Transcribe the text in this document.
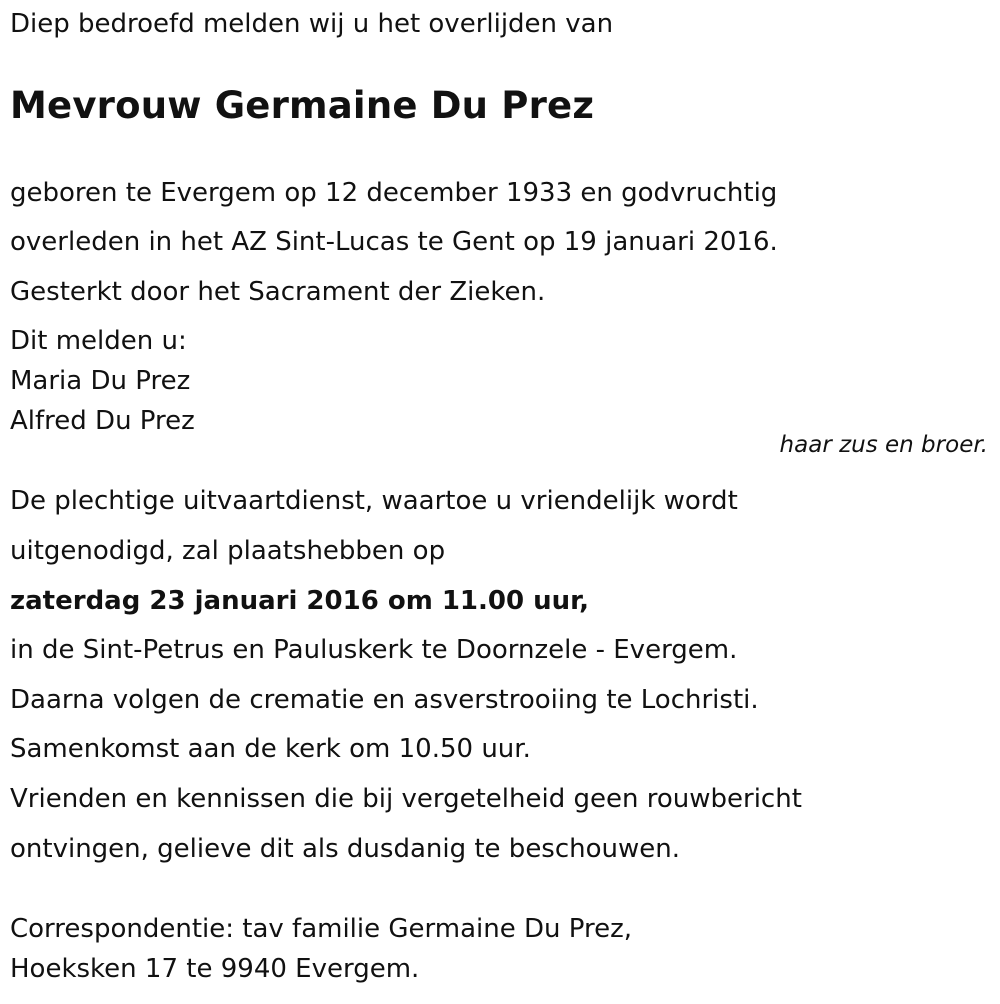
Diep bedroefd melden wij u het overlijden van

Mevrouw Germaine Du Prez

geboren te Evergem op 12 december 1933 en godvruchtig

overleden in het AZ Sint-Lucas te Gent op 19 januari 2016.

Gesterkt door het Sacrament der Zieken.

Dit melden u:

Maria Du Prez

Alfred Du Prez

haar zus en broer.

De plechtige uitvaartdienst, waartoe u vriendelijk wordt

uitgenodigd, zal plaatshebben op

zaterdag 23 januari 2016 om 11.00 uur,

in de Sint-Petrus en Pauluskerk te Doornzele - Evergem.

Daarna volgen de crematie en asverstrooiing te Lochristi.

Samenkomst aan de kerk om 10.50 uur.

Vrienden en kennissen die bij vergetelheid geen rouwbericht

ontvingen, gelieve dit als dusdanig te beschouwen.

Correspondentie: tav familie Germaine Du Prez,

Hoeksken 17 te 9940 Evergem.
